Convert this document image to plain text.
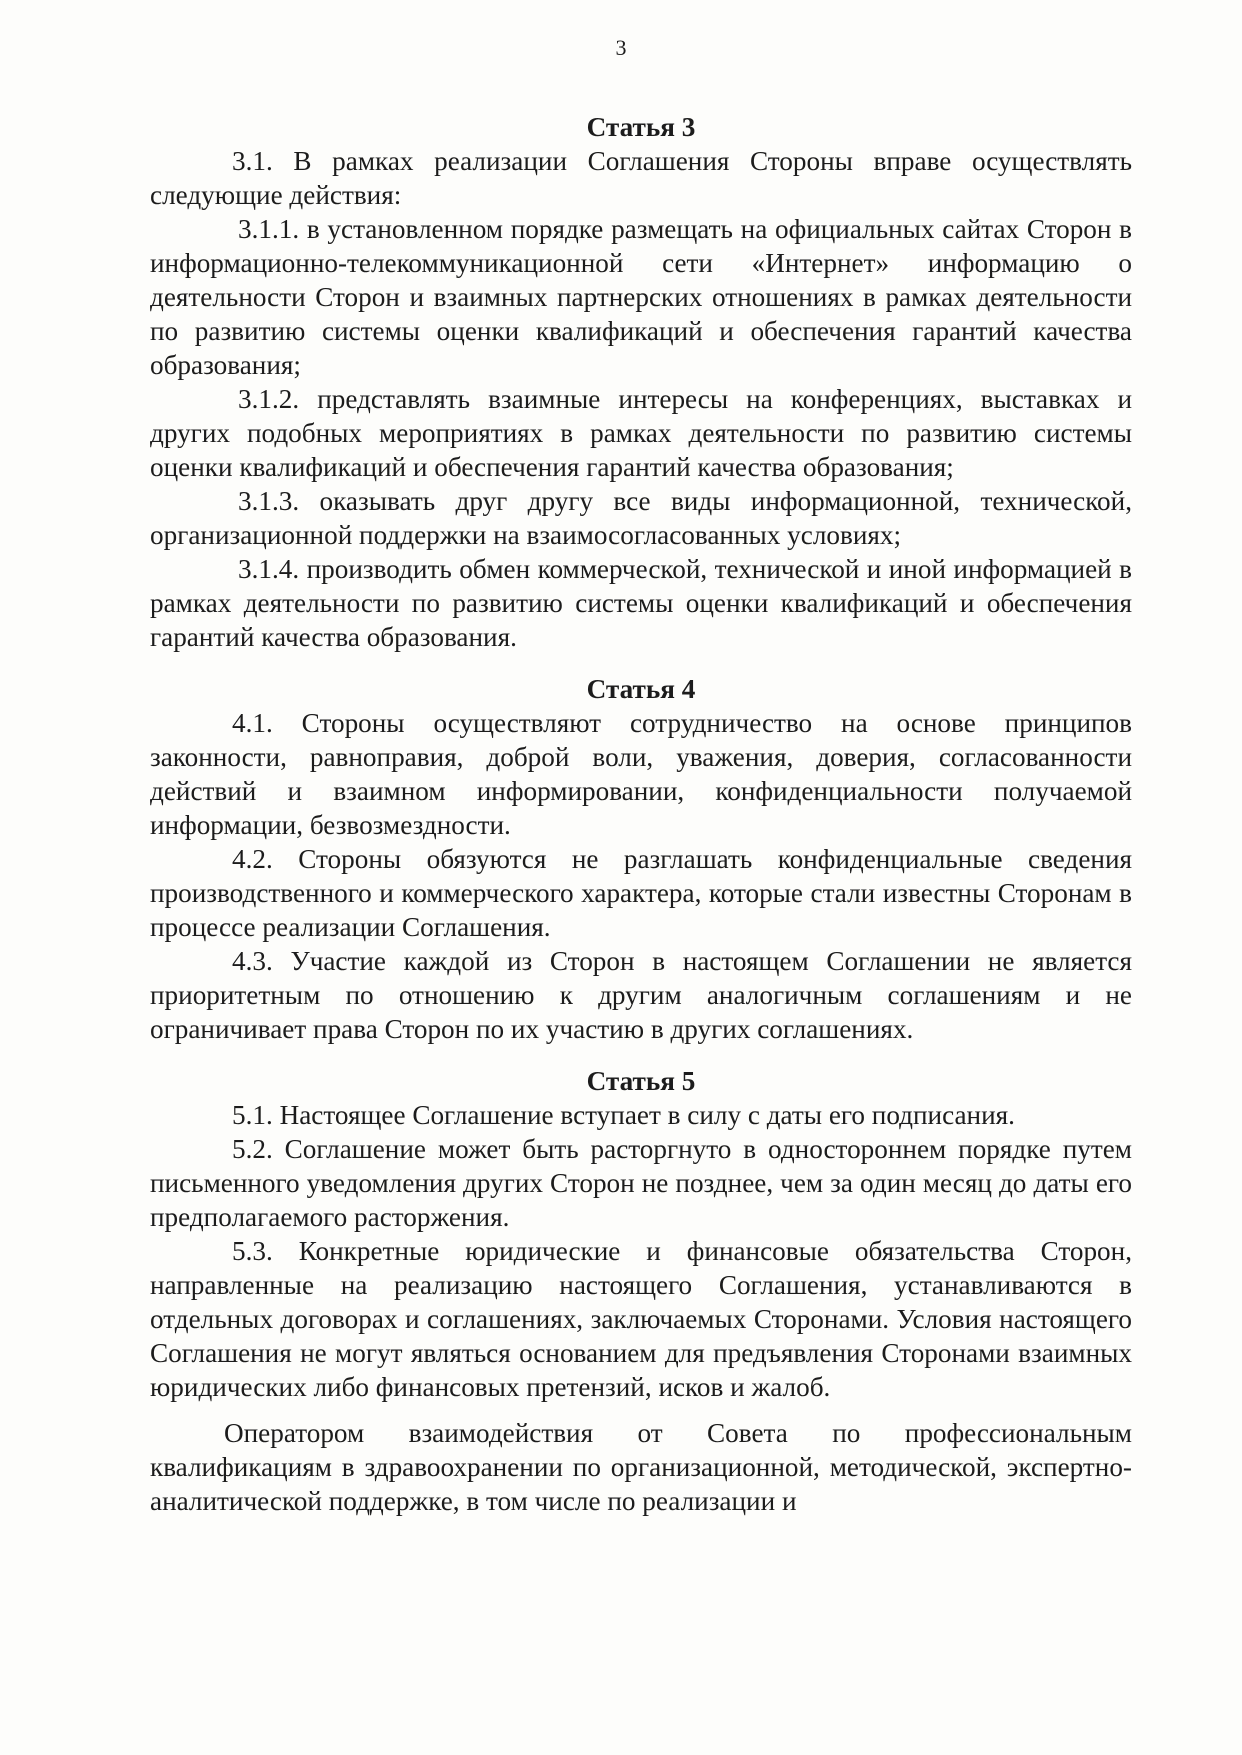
3
Статья 3

3.1. В рамках реализации Соглашения Стороны вправе осуществлять следующие действия:

3.1.1. в установленном порядке размещать на официальных сайтах Сторон в информационно-телекоммуникационной сети «Интернет» информацию о деятельности Сторон и взаимных партнерских отношениях в рамках деятельности по развитию системы оценки квалификаций и обеспечения гарантий качества образования;

3.1.2. представлять взаимные интересы на конференциях, выставках и других подобных мероприятиях в рамках деятельности по развитию системы оценки квалификаций и обеспечения гарантий качества образования;

3.1.3. оказывать друг другу все виды информационной, технической, организационной поддержки на взаимосогласованных условиях;

3.1.4. производить обмен коммерческой, технической и иной информацией в рамках деятельности по развитию системы оценки квалификаций и обеспечения гарантий качества образования.

Статья 4

4.1. Стороны осуществляют сотрудничество на основе принципов законности, равноправия, доброй воли, уважения, доверия, согласованности действий и взаимном информировании, конфиденциальности получаемой информации, безвозмездности.

4.2. Стороны обязуются не разглашать конфиденциальные сведения производственного и коммерческого характера, которые стали известны Сторонам в процессе реализации Соглашения.

4.3. Участие каждой из Сторон в настоящем Соглашении не является приоритетным по отношению к другим аналогичным соглашениям и не ограничивает права Сторон по их участию в других соглашениях.

Статья 5

5.1. Настоящее Соглашение вступает в силу с даты его подписания.

5.2. Соглашение может быть расторгнуто в одностороннем порядке путем письменного уведомления других Сторон не позднее, чем за один месяц до даты его предполагаемого расторжения.

5.3. Конкретные юридические и финансовые обязательства Сторон, направленные на реализацию настоящего Соглашения, устанавливаются в отдельных договорах и соглашениях, заключаемых Сторонами. Условия настоящего Соглашения не могут являться основанием для предъявления Сторонами взаимных юридических либо финансовых претензий, исков и жалоб.

Оператором взаимодействия от Совета по профессиональным квалификациям в здравоохранении по организационной, методической, экспертно-аналитической поддержке, в том числе по реализации и
